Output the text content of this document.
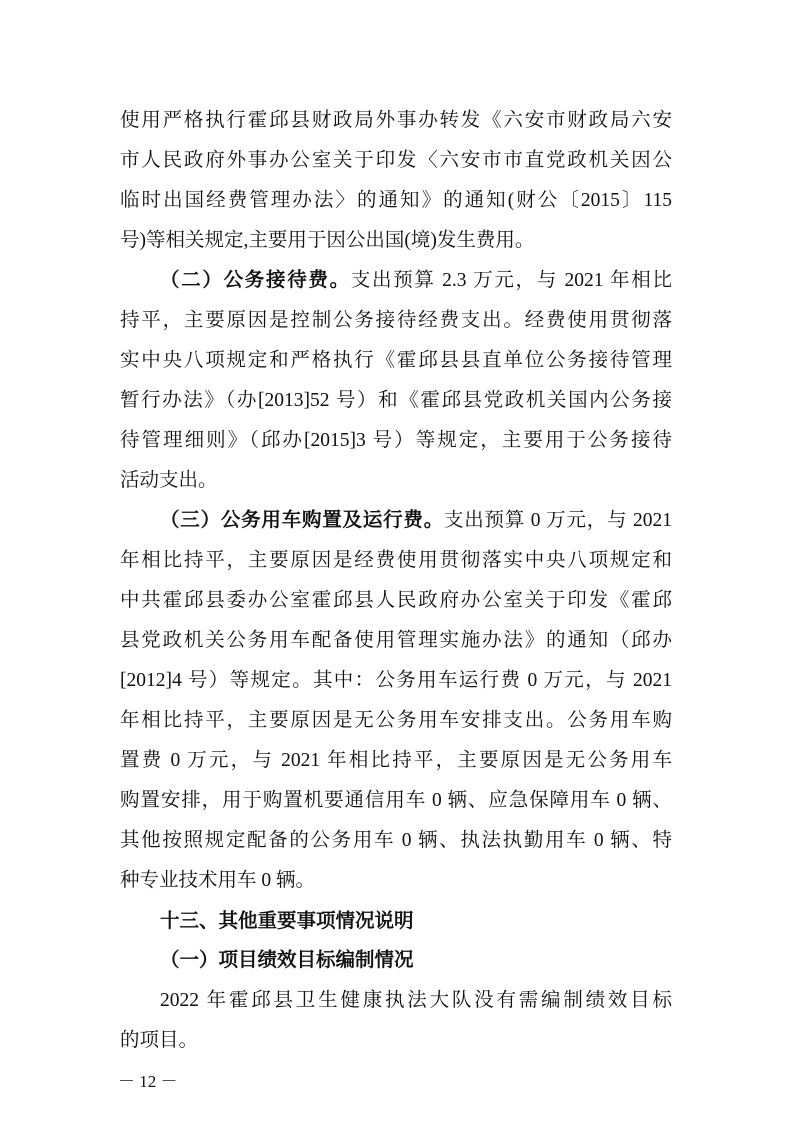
使用严格执行霍邱县财政局外事办转发《六安市财政局六安
市人民政府外事办公室关于印发〈六安市市直党政机关因公
临时出国经费管理办法〉的通知》的通知(财公〔2015〕115
号)等相关规定,主要用于因公出国(境)发生费用。
（二）公务接待费。支出预算 2.3 万元，与 2021 年相比
持平，主要原因是控制公务接待经费支出。经费使用贯彻落
实中央八项规定和严格执行《霍邱县县直单位公务接待管理
暂行办法》（办[2013]52 号）和《霍邱县党政机关国内公务接
待管理细则》（邱办[2015]3 号）等规定，主要用于公务接待
活动支出。
（三）公务用车购置及运行费。支出预算 0 万元，与 2021
年相比持平，主要原因是经费使用贯彻落实中央八项规定和
中共霍邱县委办公室霍邱县人民政府办公室关于印发《霍邱
县党政机关公务用车配备使用管理实施办法》的通知（邱办
[2012]4 号）等规定。其中：公务用车运行费 0 万元，与 2021
年相比持平，主要原因是无公务用车安排支出。公务用车购
置费 0 万元，与 2021 年相比持平，主要原因是无公务用车
购置安排，用于购置机要通信用车 0 辆、应急保障用车 0 辆、
其他按照规定配备的公务用车 0 辆、执法执勤用车 0 辆、特
种专业技术用车 0 辆。
十三、其他重要事项情况说明
（一）项目绩效目标编制情况
2022 年霍邱县卫生健康执法大队没有需编制绩效目标
的项目。
－ 12 －
